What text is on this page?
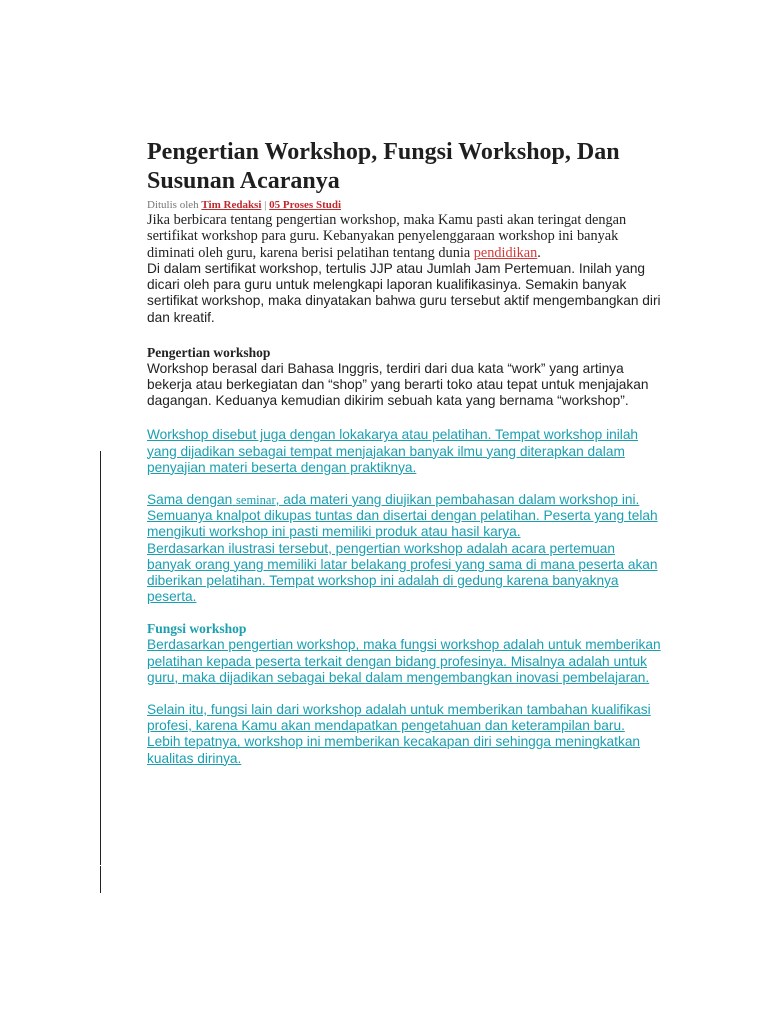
Pengertian Workshop, Fungsi Workshop, Dan Susunan Acaranya
Ditulis oleh Tim Redaksi | 05 Proses Studi

Jika berbicara tentang pengertian workshop, maka Kamu pasti akan teringat dengan sertifikat workshop para guru. Kebanyakan penyelenggaraan workshop ini banyak diminati oleh guru, karena berisi pelatihan tentang dunia pendidikan.

Di dalam sertifikat workshop, tertulis JJP atau Jumlah Jam Pertemuan. Inilah yang dicari oleh para guru untuk melengkapi laporan kualifikasinya. Semakin banyak sertifikat workshop, maka dinyatakan bahwa guru tersebut aktif mengembangkan diri dan kreatif.

Pengertian workshop

Workshop berasal dari Bahasa Inggris, terdiri dari dua kata “work” yang artinya bekerja atau berkegiatan dan “shop” yang berarti toko atau tepat untuk menjajakan dagangan. Keduanya kemudian dikirim sebuah kata yang bernama “workshop”.

Workshop disebut juga dengan lokakarya atau pelatihan. Tempat workshop inilah yang dijadikan sebagai tempat menjajakan banyak ilmu yang diterapkan dalam penyajian materi beserta dengan praktiknya.

Sama dengan seminar, ada materi yang diujikan pembahasan dalam workshop ini. Semuanya knalpot dikupas tuntas dan disertai dengan pelatihan. Peserta yang telah mengikuti workshop ini pasti memiliki produk atau hasil karya.

Berdasarkan ilustrasi tersebut, pengertian workshop adalah acara pertemuan banyak orang yang memiliki latar belakang profesi yang sama di mana peserta akan diberikan pelatihan. Tempat workshop ini adalah di gedung karena banyaknya peserta.

Fungsi workshop

Berdasarkan pengertian workshop, maka fungsi workshop adalah untuk memberikan pelatihan kepada peserta terkait dengan bidang profesinya. Misalnya adalah untuk guru, maka dijadikan sebagai bekal dalam mengembangkan inovasi pembelajaran.

Selain itu, fungsi lain dari workshop adalah untuk memberikan tambahan kualifikasi profesi, karena Kamu akan mendapatkan pengetahuan dan keterampilan baru. Lebih tepatnya, workshop ini memberikan kecakapan diri sehingga meningkatkan kualitas dirinya.
